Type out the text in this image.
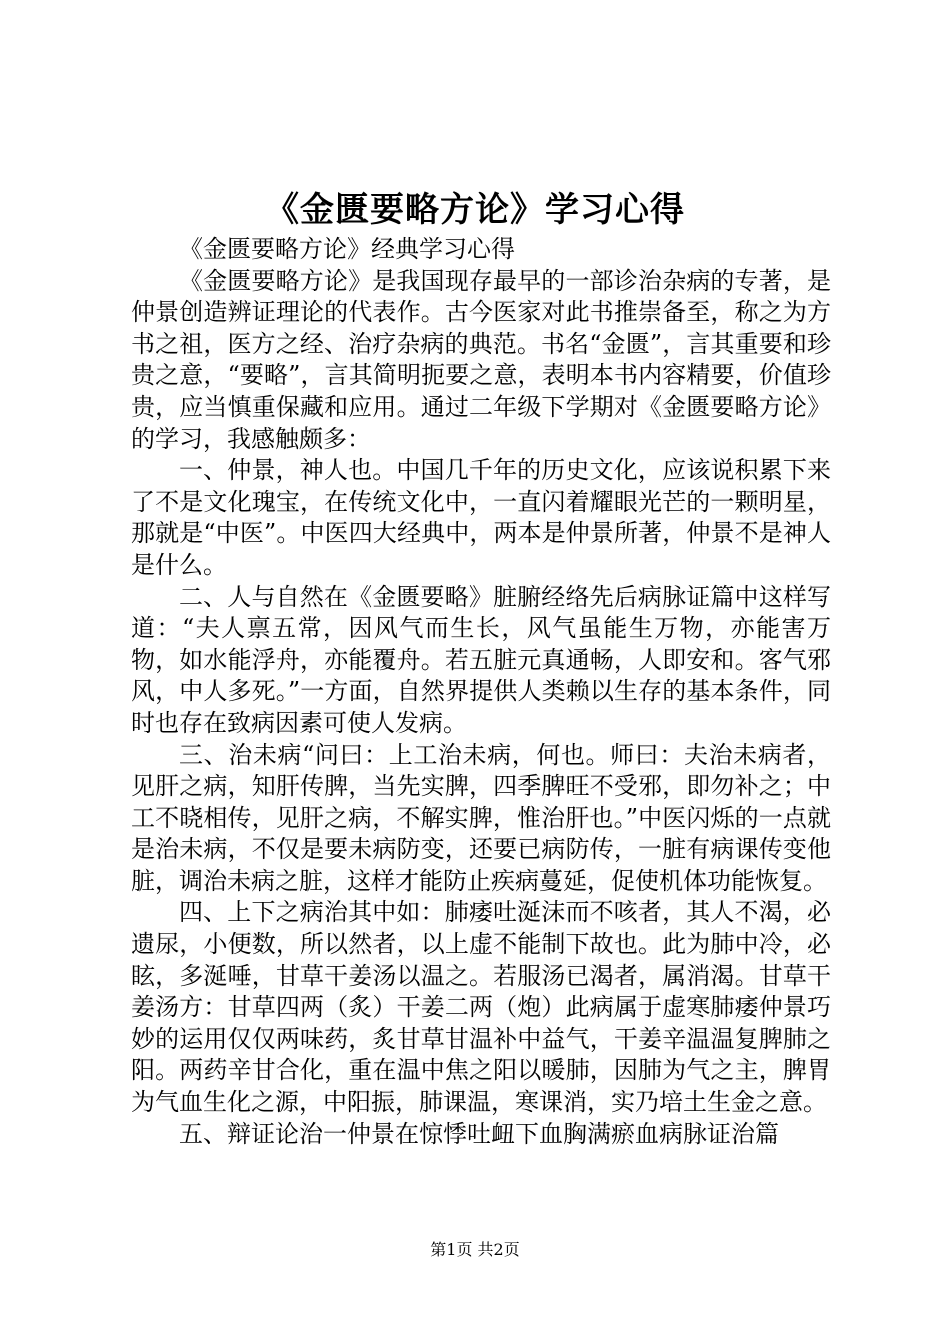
《金匮要略方论》学习心得

《金匮要略方论》经典学习心得

《金匮要略方论》是我国现存最早的一部诊治杂病的专著，是仲景创造辨证理论的代表作。古今医家对此书推崇备至，称之为方书之祖，医方之经、治疗杂病的典范。书名“金匮”，言其重要和珍贵之意，“要略”，言其简明扼要之意，表明本书内容精要，价值珍贵，应当慎重保藏和应用。通过二年级下学期对《金匮要略方论》的学习，我感触颇多：

一、仲景，神人也。中国几千年的历史文化，应该说积累下来了不是文化瑰宝，在传统文化中，一直闪着耀眼光芒的一颗明星，那就是“中医”。中医四大经典中，两本是仲景所著，仲景不是神人是什么。

二、人与自然在《金匮要略》脏腑经络先后病脉证篇中这样写道：“夫人禀五常，因风气而生长，风气虽能生万物，亦能害万物，如水能浮舟，亦能覆舟。若五脏元真通畅，人即安和。客气邪风，中人多死。”一方面，自然界提供人类赖以生存的基本条件，同时也存在致病因素可使人发病。

三、治未病“问曰：上工治未病，何也。师曰：夫治未病者，见肝之病，知肝传脾，当先实脾，四季脾旺不受邪，即勿补之；中工不晓相传，见肝之病，不解实脾，惟治肝也。”中医闪烁的一点就是治未病，不仅是要未病防变，还要已病防传，一脏有病课传变他脏，调治未病之脏，这样才能防止疾病蔓延，促使机体功能恢复。

四、上下之病治其中如：肺痿吐涎沫而不咳者，其人不渴，必遗尿，小便数，所以然者，以上虚不能制下故也。此为肺中冷，必眩，多涎唾，甘草干姜汤以温之。若服汤已渴者，属消渴。甘草干姜汤方：甘草四两（炙）干姜二两（炮）此病属于虚寒肺痿仲景巧妙的运用仅仅两味药，炙甘草甘温补中益气，干姜辛温温复脾肺之阳。两药辛甘合化，重在温中焦之阳以暖肺，因肺为气之主，脾胃为气血生化之源，中阳振，肺课温，寒课消，实乃培土生金之意。

五、辩证论治一仲景在惊悸吐衄下血胸满瘀血病脉证治篇

第1页 共2页
